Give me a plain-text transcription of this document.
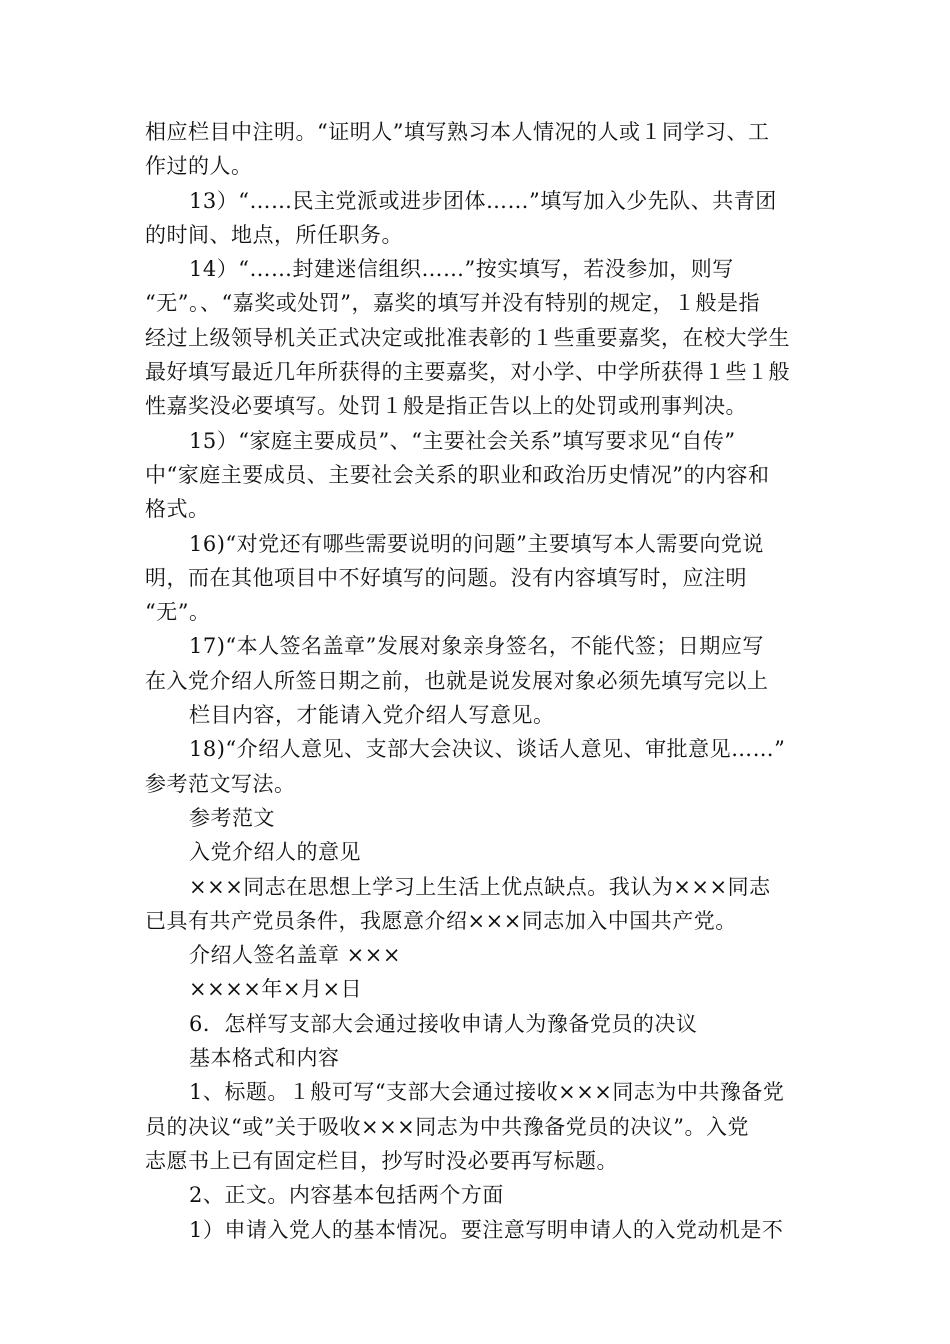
相应栏目中注明。“证明人”填写熟习本人情况的人或１同学习、工
作过的人。
13）“……民主党派或进步团体……”填写加入少先队、共青团
的时间、地点，所任职务。
14）“……封建迷信组织……”按实填写，若没参加，则写
“无”。、“嘉奖或处罚”，嘉奖的填写并没有特别的规定，１般是指
经过上级领导机关正式决定或批准表彰的１些重要嘉奖，在校大学生
最好填写最近几年所获得的主要嘉奖，对小学、中学所获得１些１般
性嘉奖没必要填写。处罚１般是指正告以上的处罚或刑事判决。
15）“家庭主要成员”、“主要社会关系”填写要求见“自传”
中“家庭主要成员、主要社会关系的职业和政治历史情况”的内容和
格式。
16)“对党还有哪些需要说明的问题”主要填写本人需要向党说
明，而在其他项目中不好填写的问题。没有内容填写时，应注明
“无”。
17)“本人签名盖章”发展对象亲身签名，不能代签；日期应写
在入党介绍人所签日期之前，也就是说发展对象必须先填写完以上
栏目内容，才能请入党介绍人写意见。
18)“介绍人意见、支部大会决议、谈话人意见、审批意见……”
参考范文写法。
参考范文
入党介绍人的意见
×××同志在思想上学习上生活上优点缺点。我认为×××同志
已具有共产党员条件，我愿意介绍×××同志加入中国共产党。
介绍人签名盖章 ×××
××××年×月×日
6．怎样写支部大会通过接收申请人为豫备党员的决议
基本格式和内容
1、标题。１般可写“支部大会通过接收×××同志为中共豫备党
员的决议“或”关于吸收×××同志为中共豫备党员的决议”。入党
志愿书上已有固定栏目，抄写时没必要再写标题。
2、正文。内容基本包括两个方面
1）申请入党人的基本情况。要注意写明申请人的入党动机是不
